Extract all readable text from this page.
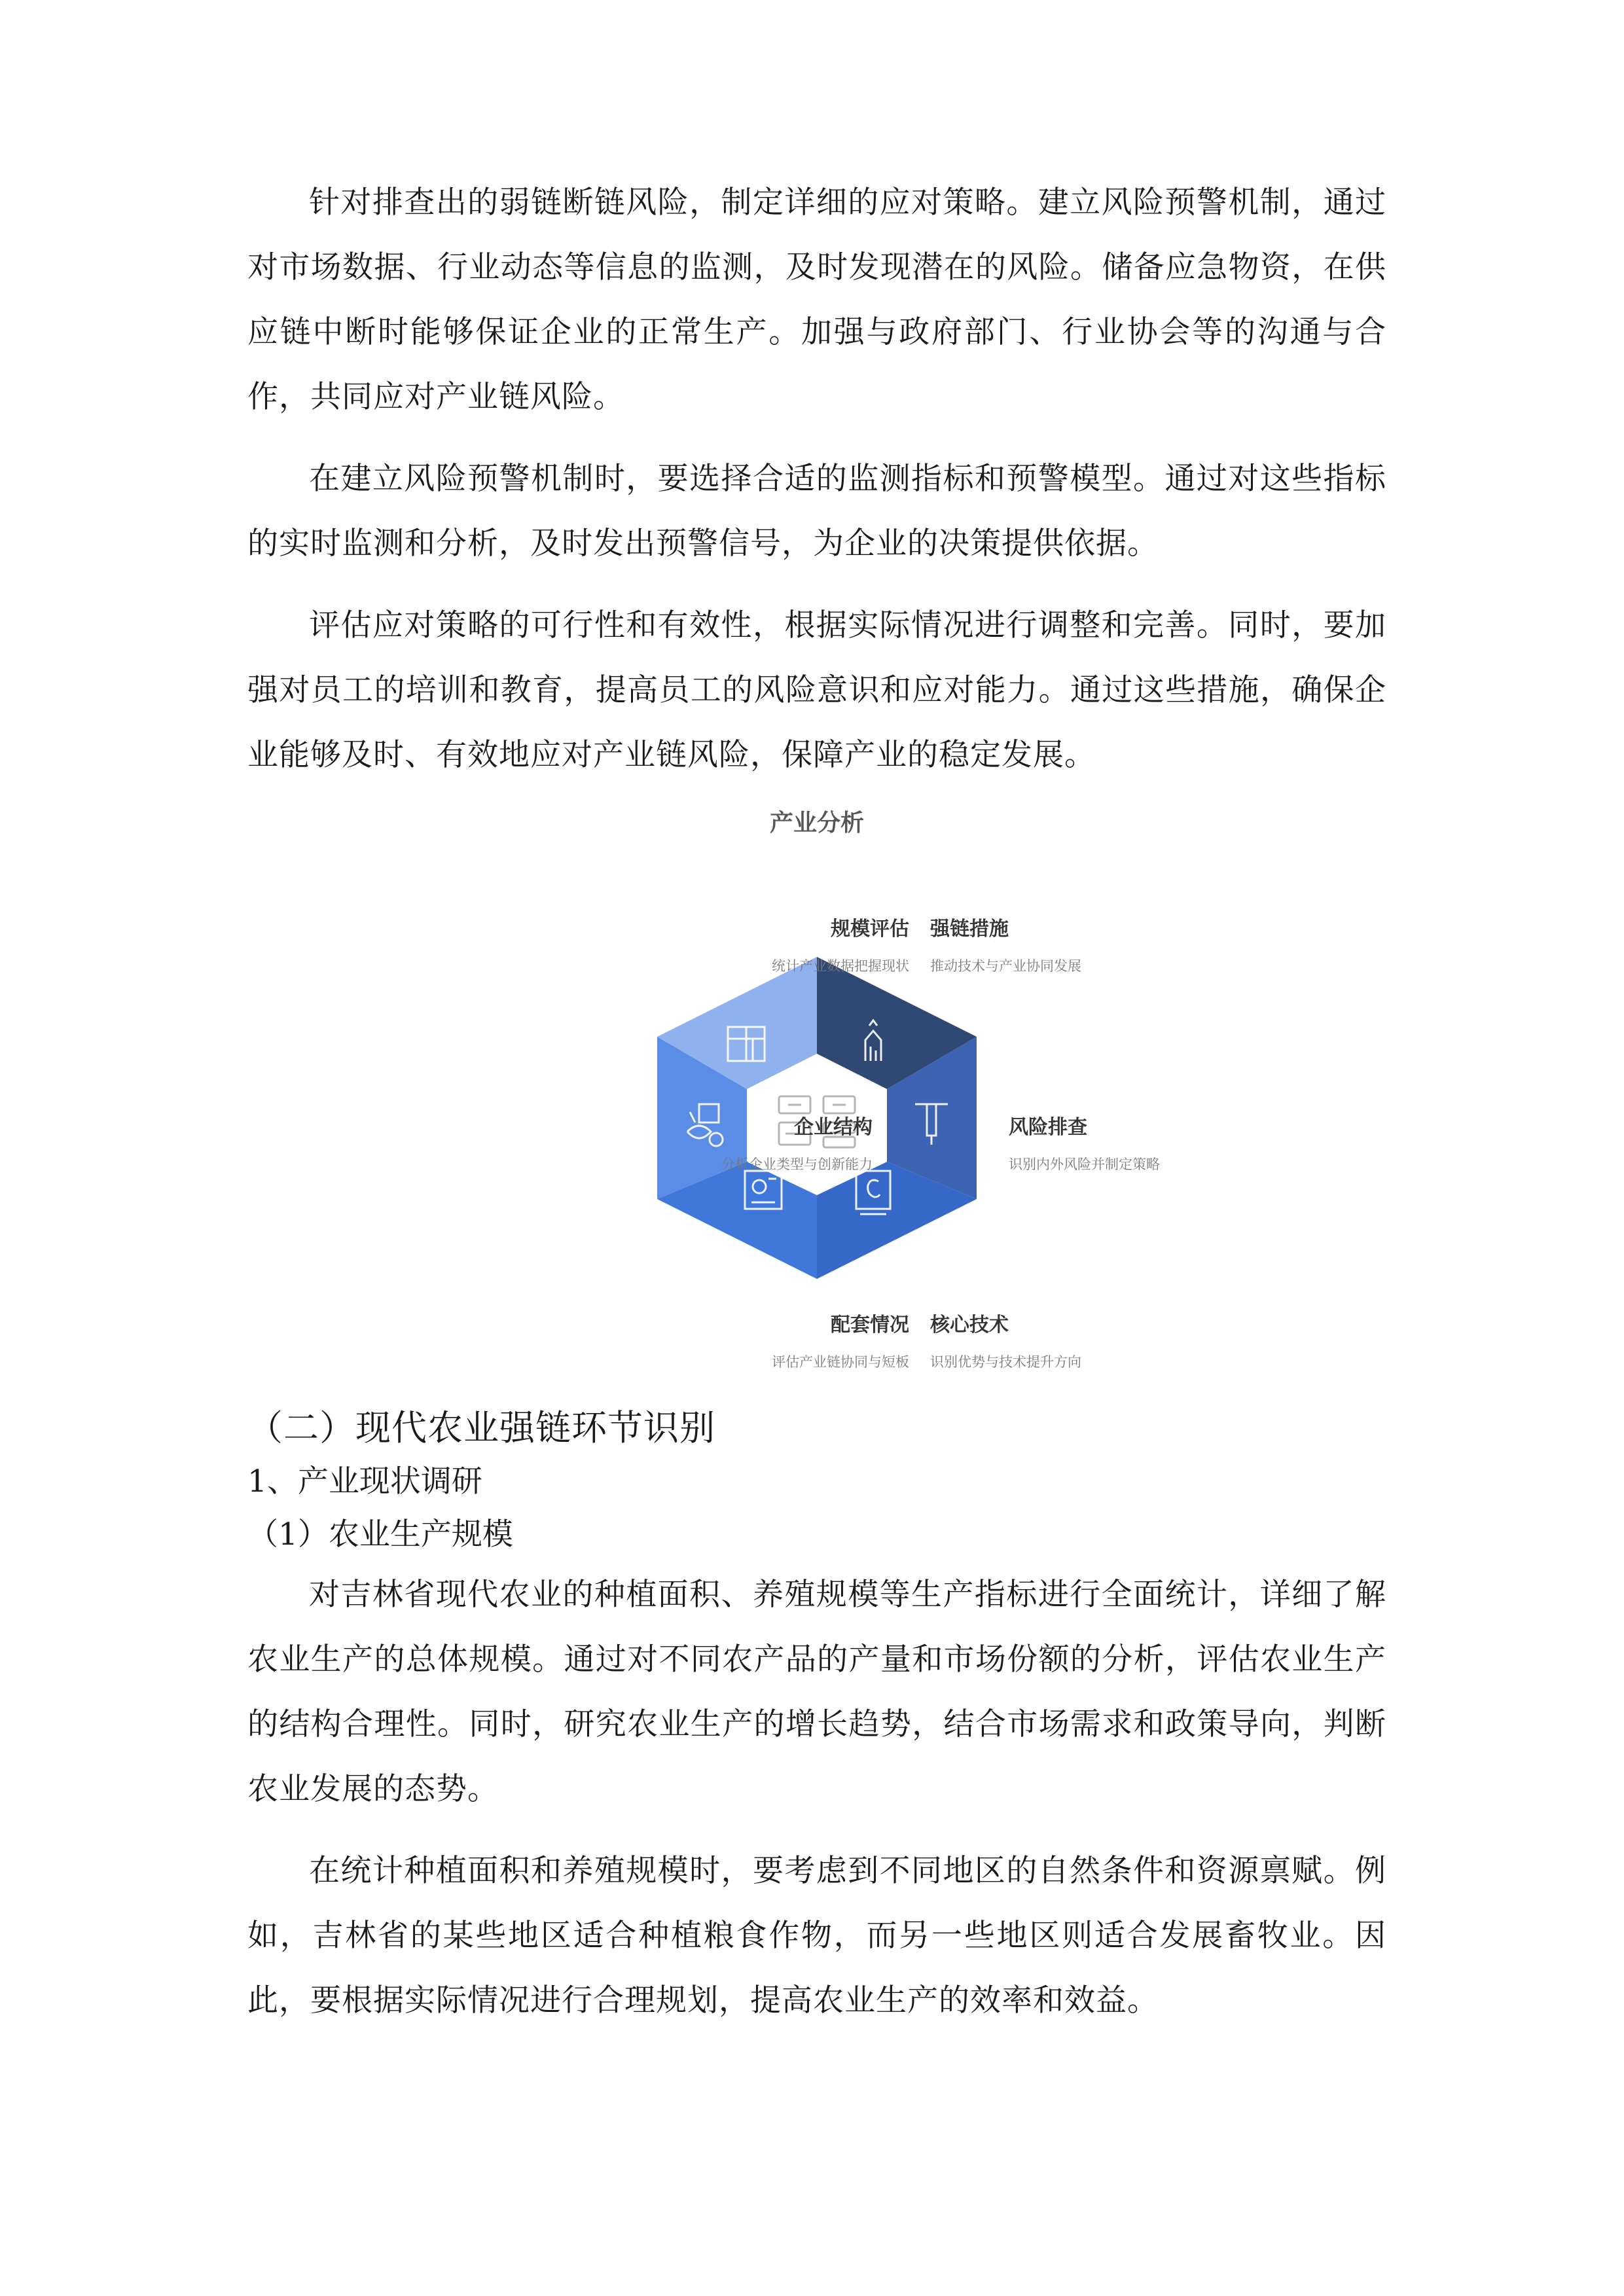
针对排查出的弱链断链风险，制定详细的应对策略。建立风险预警机制，通过对市场数据、行业动态等信息的监测，及时发现潜在的风险。储备应急物资，在供应链中断时能够保证企业的正常生产。加强与政府部门、行业协会等的沟通与合作，共同应对产业链风险。

在建立风险预警机制时，要选择合适的监测指标和预警模型。通过对这些指标的实时监测和分析，及时发出预警信号，为企业的决策提供依据。

评估应对策略的可行性和有效性，根据实际情况进行调整和完善。同时，要加强对员工的培训和教育，提高员工的风险意识和应对能力。通过这些措施，确保企业能够及时、有效地应对产业链风险，保障产业的稳定发展。

产业分析
规模评估
统计产业数据把握现状
强链措施
推动技术与产业协同发展
风险排查
识别内外风险并制定策略
核心技术
识别优势与技术提升方向
配套情况
评估产业链协同与短板
企业结构
分析企业类型与创新能力
（二）现代农业强链环节识别
1、产业现状调研
（1）农业生产规模

对吉林省现代农业的种植面积、养殖规模等生产指标进行全面统计，详细了解农业生产的总体规模。通过对不同农产品的产量和市场份额的分析，评估农业生产的结构合理性。同时，研究农业生产的增长趋势，结合市场需求和政策导向，判断农业发展的态势。

在统计种植面积和养殖规模时，要考虑到不同地区的自然条件和资源禀赋。例如，吉林省的某些地区适合种植粮食作物，而另一些地区则适合发展畜牧业。因此，要根据实际情况进行合理规划，提高农业生产的效率和效益。
